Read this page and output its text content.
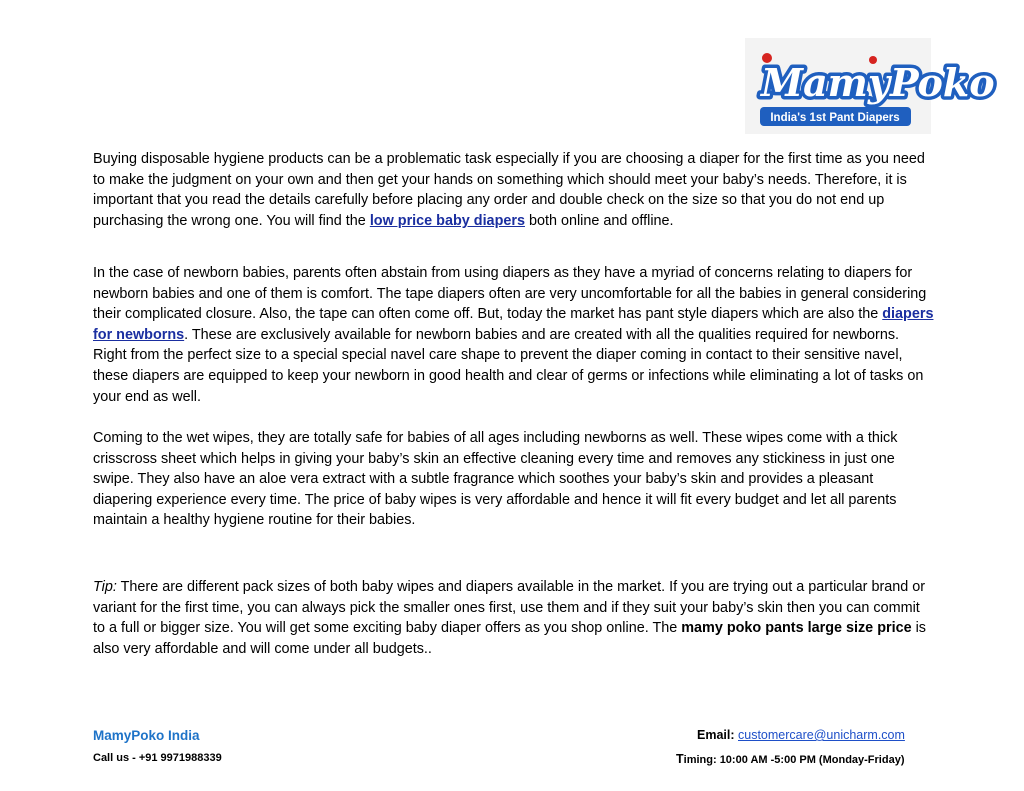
MamyPoko
India's 1st Pant Diapers

Buying disposable hygiene products can be a problematic task especially if you are choosing a diaper for the first time as you need to make the judgment on your own and then get your hands on something which should meet your baby’s needs. Therefore, it is important that you read the details carefully before placing any order and double check on the size so that you do not end up purchasing the wrong one. You will find the low price baby diapers both online and offline.

In the case of newborn babies, parents often abstain from using diapers as they have a myriad of concerns relating to diapers for newborn babies and one of them is comfort. The tape diapers often are very uncomfortable for all the babies in general considering their complicated closure. Also, the tape can often come off. But, today the market has pant style diapers which are also the diapers for newborns. These are exclusively available for newborn babies and are created with all the qualities required for newborns. Right from the perfect size to a special special navel care shape to prevent the diaper coming in contact to their sensitive navel, these diapers are equipped to keep your newborn in good health and clear of germs or infections while eliminating a lot of tasks on your end as well.

Coming to the wet wipes, they are totally safe for babies of all ages including newborns as well. These wipes come with a thick crisscross sheet which helps in giving your baby’s skin an effective cleaning every time and removes any stickiness in just one swipe. They also have an aloe vera extract with a subtle fragrance which soothes your baby’s skin and provides a pleasant diapering experience every time. The price of baby wipes is very affordable and hence it will fit every budget and let all parents maintain a healthy hygiene routine for their babies.

Tip: There are different pack sizes of both baby wipes and diapers available in the market. If you are trying out a particular brand or variant for the first time, you can always pick the smaller ones first, use them and if they suit your baby’s skin then you can commit to a full or bigger size. You will get some exciting baby diaper offers as you shop online. The mamy poko pants large size price is also very affordable and will come under all budgets..

MamyPoko India
Call us - +91 9971988339
Email: customercare@unicharm.com
Timing: 10:00 AM -5:00 PM (Monday-Friday)
